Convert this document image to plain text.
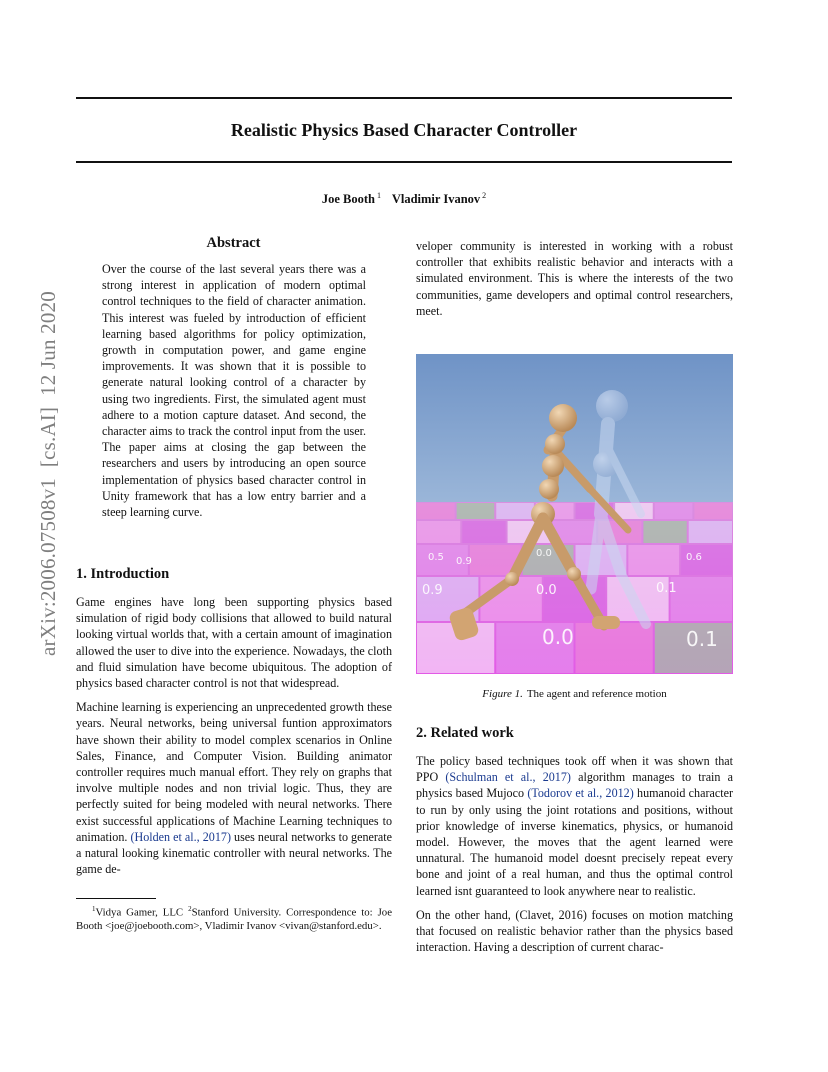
Realistic Physics Based Character Controller
Joe Booth $^1$ Vladimir Ivanov $^2$
arXiv:2006.07508v1  [cs.AI]  12 Jun 2020
Abstract

Over the course of the last several years there was a strong interest in application of modern optimal control techniques to the field of character animation. This interest was fueled by introduction of efficient learning based algorithms for policy optimization, growth in computation power, and game engine improvements. It was shown that it is possible to generate natural looking control of a character by using two ingredients. First, the simulated agent must adhere to a motion capture dataset. And second, the character aims to track the control input from the user. The paper aims at closing the gap between the researchers and users by introducing an open source implementation of physics based character control in Unity framework that has a low entry barrier and a steep learning curve.

1. Introduction

Game engines have long been supporting physics based simulation of rigid body collisions that allowed to build natural looking virtual worlds that, with a certain amount of imagination allowed the user to dive into the experience. Nowadays, the cloth and fluid simulation have become ubiquitous. The adoption of physics based character control is not that widespread.

Machine learning is experiencing an unprecedented growth these years. Neural networks, being universal funtion approximators have shown their ability to model complex scenarios in Online Sales, Finance, and Computer Vision. Building animator controller requires much manual effort. They rely on graphs that involve multiple nodes and non trivial logic. Thus, they are perfectly suited for being modeled with neural networks. There exist successful applications of Machine Learning techniques to animation. (Holden et al., 2017) uses neural networks to generate a natural looking kinematic controller with neural networks. The game de-

$^1$Vidya Gamer, LLC $^2$Stanford University. Correspondence to: Joe Booth <joe@joebooth.com>, Vladimir Ivanov <vivan@stanford.edu>.

veloper community is interested in working with a robust controller that exhibits realistic behavior and interacts with a simulated environment. This is where the interests of the two communities, game developers and optimal control researchers, meet.

0.9	0.0	0.1
0.5 0.9
0.0	0.6
0.0	0.1
Figure 1. The agent and reference motion
2. Related work

The policy based techniques took off when it was shown that PPO (Schulman et al., 2017) algorithm manages to train a physics based Mujoco (Todorov et al., 2012) humanoid character to run by only using the joint rotations and positions, without prior knowledge of inverse kinematics, physics, or humanoid model. However, the moves that the agent learned were unnatural. The humanoid model doesnt precisely repeat every bone and joint of a real human, and thus the optimal control learned isnt guaranteed to look anywhere near to realistic.

On the other hand, (Clavet, 2016) focuses on motion matching that focused on realistic behavior rather than the physics based interaction. Having a description of current charac-
